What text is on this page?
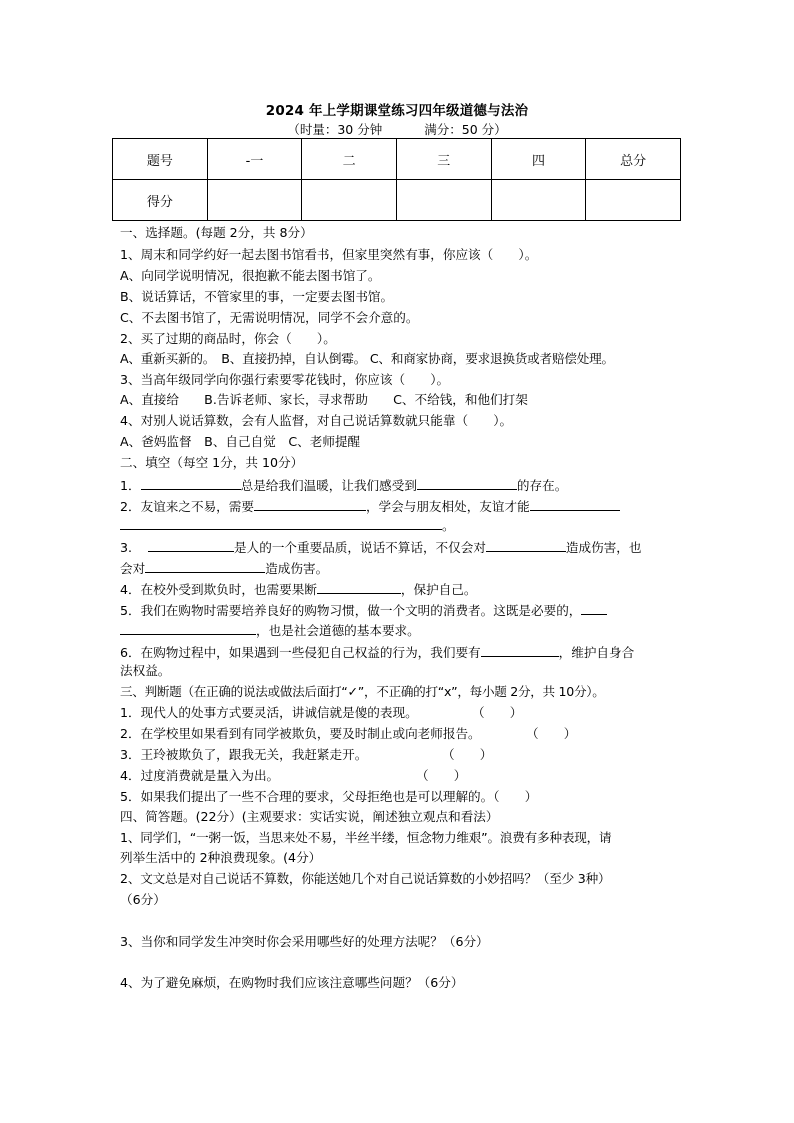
2024 年上学期课堂练习四年级道德与法治
（时量：30 分钟	满分：50 分）
题号	-一	二	三	四	总分
得分					
一、选择题。(每题 2分，共 8分）
1、周末和同学约好一起去图书馆看书，但家里突然有事，你应该（　　）。
A、向同学说明情况，很抱歉不能去图书馆了。
B、说话算话，不管家里的事，一定要去图书馆。
C、不去图书馆了，无需说明情况，同学不会介意的。
2、买了过期的商品时，你会（　　）。
A、重新买新的。　B、直接扔掉，自认倒霉。 C、和商家协商，要求退换货或者赔偿处理。
3、当高年级同学向你强行索要零花钱时，你应该（　　）。
A、直接给　　B.告诉老师、家长，寻求帮助　　C、不给钱，和他们打架
4、对别人说话算数，会有人监督，对自己说话算数就只能靠（　　）。
A、爸妈监督　B、自己自觉　C、老师提醒
二、填空（每空 1分，共 10分）
1．	总是给我们温暖，让我们感受到	的存在。
2．友谊来之不易，需要	，学会与朋友相处，友谊才能
。
3.	是人的一个重要品质，说话不算话，不仅会对	造成伤害，也
会对	造成伤害。
4．在校外受到欺负时，也需要果断	，保护自己。
5．我们在购物时需要培养良好的购物习惯，做一个文明的消费者。这既是必要的，
，也是社会道德的基本要求。
6．在购物过程中，如果遇到一些侵犯自己权益的行为，我们要有	，维护自身合
法权益。
三、判断题（在正确的说法或做法后面打“✓”，不正确的打“x”，每小题 2分，共 10分）。
1．现代人的处事方式要灵活，讲诚信就是傻的表现。	（　　）
2．在学校里如果看到有同学被欺负，要及时制止或向老师报告。	（　　）
3．王玲被欺负了，跟我无关，我赶紧走开。	（　　）
4．过度消费就是量入为出。	（　　）
5．如果我们提出了一些不合理的要求，父母拒绝也是可以理解的。（　　）
四、简答题。(22分）(主观要求：实话实说，阐述独立观点和看法）
1、同学们，“一粥一饭，当思来处不易，半丝半缕，恒念物力维艰”。浪费有多种表现，请
列举生活中的 2种浪费现象。(4分）
2、文文总是对自己说话不算数，你能送她几个对自己说话算数的小妙招吗？（至少 3种）
（6分）
3、当你和同学发生冲突时你会采用哪些好的处理方法呢？（6分）
4、为了避免麻烦，在购物时我们应该注意哪些问题？（6分）
